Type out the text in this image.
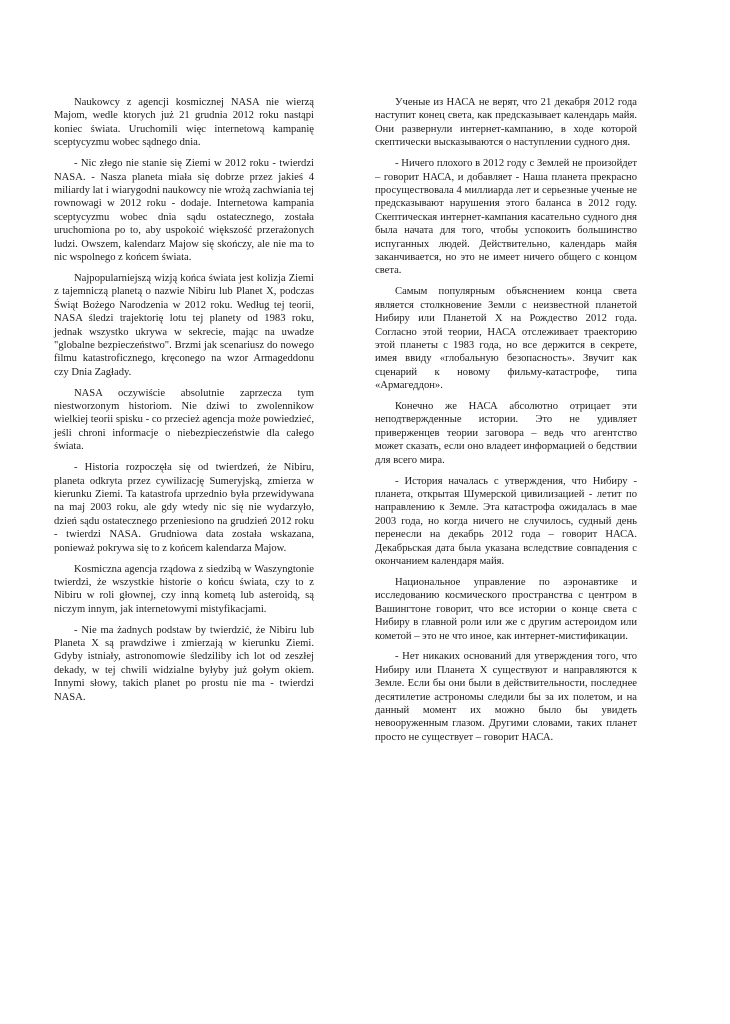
Naukowcy z agencji kosmicznej NASA nie wierzą Majom, wedle ktorych już 21 grudnia 2012 roku nastąpi koniec świata. Uruchomili więc internetową kampanię sceptycyzmu wobec sądnego dnia.

- Nic złego nie stanie się Ziemi w 2012 roku - twierdzi NASA. - Nasza planeta miała się dobrze przez jakieś 4 miliardy lat i wiarygodni naukowcy nie wrożą zachwiania tej rownowagi w 2012 roku - dodaje. Internetowa kampania sceptycyzmu wobec dnia sądu ostatecznego, została uruchomiona po to, aby uspokoić większość przerażonych ludzi. Owszem, kalendarz Majow się skończy, ale nie ma to nic wspolnego z końcem świata.

Najpopularniejszą wizją końca świata jest kolizja Ziemi z tajemniczą planetą o nazwie Nibiru lub Planet X, podczas Świąt Bożego Narodzenia w 2012 roku. Według tej teorii, NASA śledzi trajektorię lotu tej planety od 1983 roku, jednak wszystko ukrywa w sekrecie, mając na uwadze "globalne bezpieczeństwo". Brzmi jak scenariusz do nowego filmu katastroficznego, kręconego na wzor Armageddonu czy Dnia Zagłady.

NASA oczywiście absolutnie zaprzecza tym niestworzonym historiom. Nie dziwi to zwolennikow wielkiej teorii spisku - co przecież agencja może powiedzieć, jeśli chroni informacje o niebezpieczeństwie dla całego świata.

- Historia rozpoczęła się od twierdzeń, że Nibiru, planeta odkryta przez cywilizację Sumeryjską, zmierza w kierunku Ziemi. Ta katastrofa uprzednio była przewidywana na maj 2003 roku, ale gdy wtedy nic się nie wydarzyło, dzień sądu ostatecznego przeniesiono na grudzień 2012 roku - twierdzi NASA. Grudniowa data została wskazana, ponieważ pokrywa się to z końcem kalendarza Majow.

Kosmiczna agencja rządowa z siedzibą w Waszyngtonie twierdzi, że wszystkie historie o końcu świata, czy to z Nibiru w roli głownej, czy inną kometą lub asteroidą, są niczym innym, jak internetowymi mistyfikacjami.

- Nie ma żadnych podstaw by twierdzić, że Nibiru lub Planeta X są prawdziwe i zmierzają w kierunku Ziemi. Gdyby istniały, astronomowie śledziliby ich lot od zeszłej dekady, w tej chwili widzialne byłyby już gołym okiem. Innymi słowy, takich planet po prostu nie ma - twierdzi NASA.

Ученые из НАСА не верят, что 21 декабря 2012 года наступит конец света, как предсказывает календарь майя. Они развернули интернет-кампанию, в ходе которой скептически высказываются о наступлении судного дня.

- Ничего плохого в 2012 году с Землей не произойдет – говорит НАСА, и добавляет - Наша планета прекрасно просуществовала 4 миллиарда лет и серьезные ученые не предсказывают нарушения этого баланса в 2012 году. Скептическая интернет-кампания касательно судного дня была начата для того, чтобы успокоить большинство испуганных людей. Действительно, календарь майя заканчивается, но это не имеет ничего общего с концом света.

Самым популярным объяснением конца света является столкновение Земли с неизвестной планетой Нибиру или Планетой X на Рождество 2012 года. Согласно этой теории, НАСА отслеживает траекторию этой планеты с 1983 года, но все держится в секрете, имея ввиду «глобальную безопасность». Звучит как сценарий к новому фильму-катастрофе, типа «Армагеддон».

Конечно же НАСА абсолютно отрицает эти неподтвержденные истории. Это не удивляет приверженцев теории заговора – ведь что агентство может сказать, если оно владеет информацией о бедствии для всего мира.

- История началась с утверждения, что Нибиру - планета, открытая Шумерской цивилизацией - летит по направлению к Земле. Эта катастрофа ожидалась в мае 2003 года, но когда ничего не случилось, судный день перенесли на декабрь 2012 года – говорит НАСА. Декабрьская дата была указана вследствие совпадения с окончанием календаря майя.

Национальное управление по аэронавтике и исследованию космического пространства с центром в Вашингтоне говорит, что все истории о конце света с Нибиру в главной роли или же с другим астероидом или кометой – это не что иное, как интернет-мистификации.

- Нет никаких оснований для утверждения того, что Нибиру или Планета X существуют и направляются к Земле. Если бы они были в действительности, последнее десятилетие астрономы следили бы за их полетом, и на данный момент их можно было бы увидеть невооруженным глазом. Другими словами, таких планет просто не существует – говорит НАСА.
